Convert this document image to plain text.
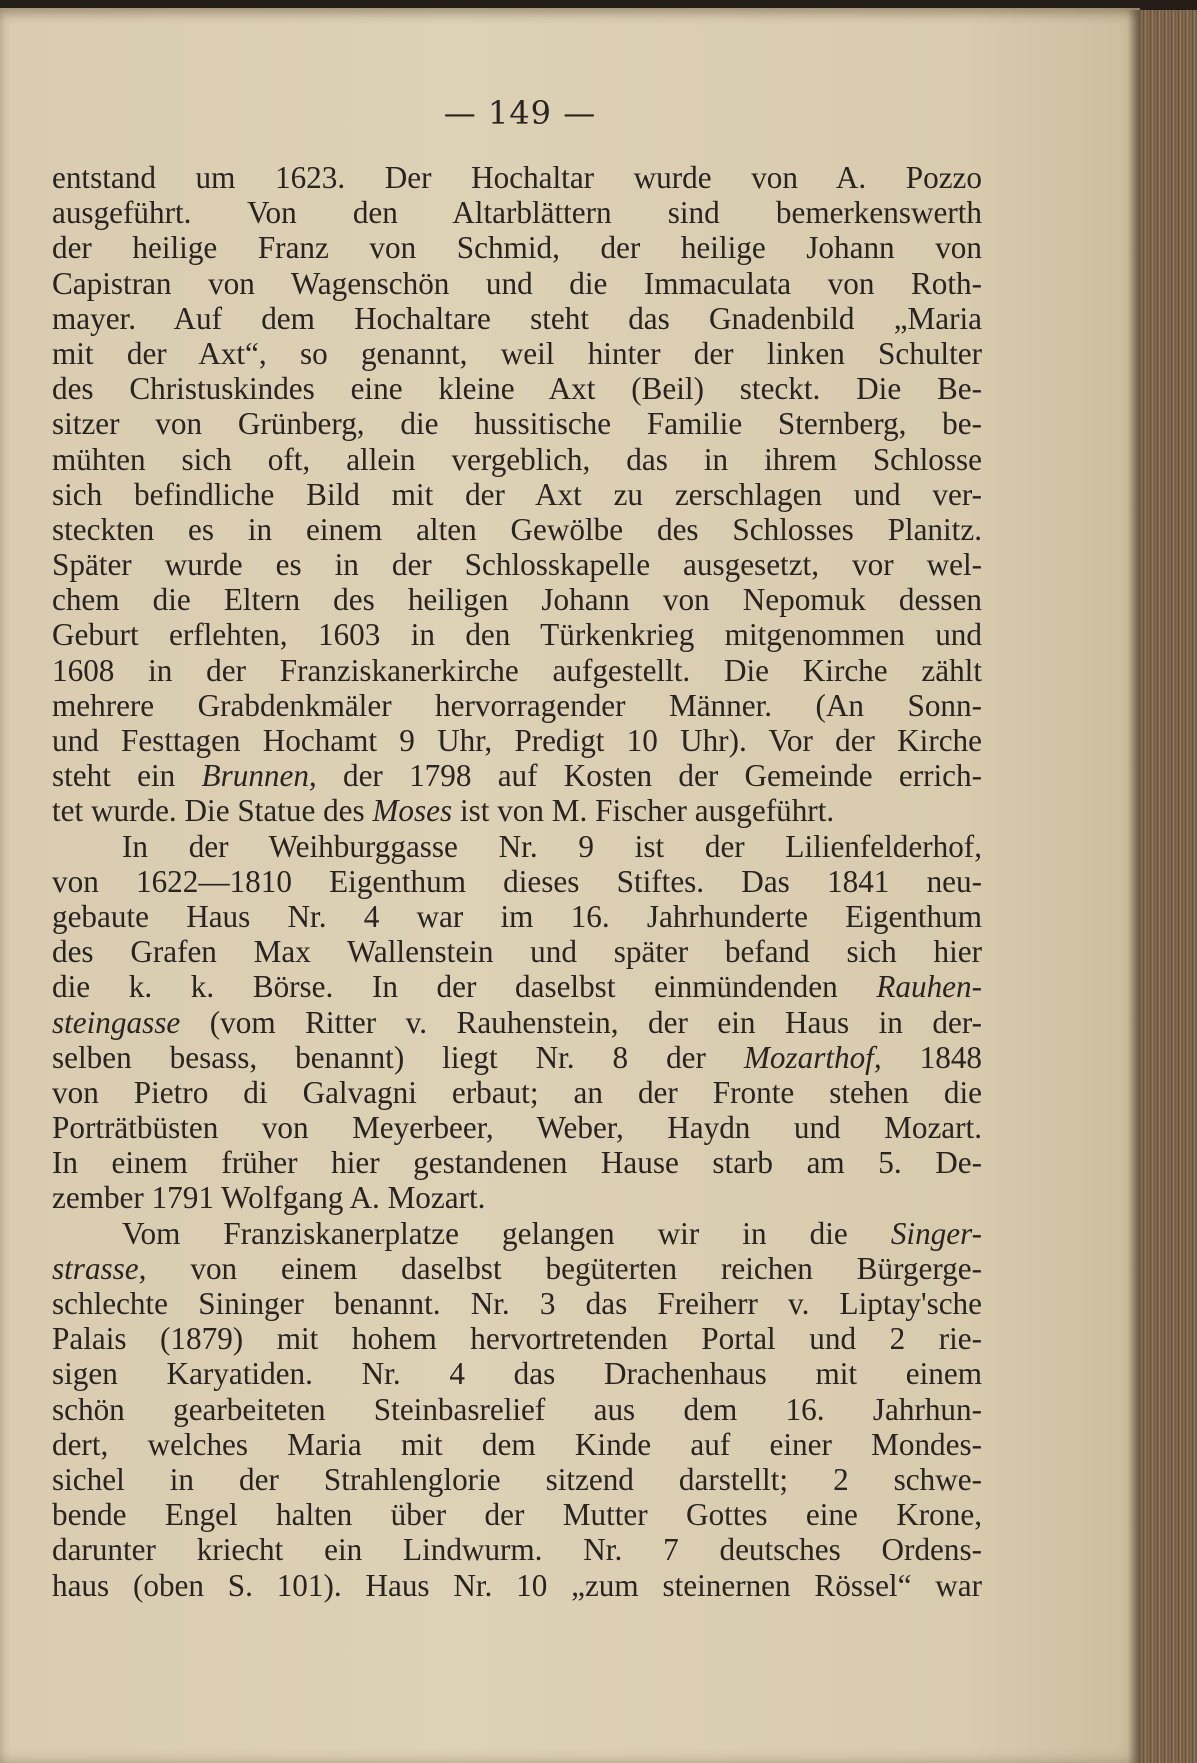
— 149 —
entstand um 1623. Der Hochaltar wurde von A. Pozzo
ausgeführt. Von den Altarblättern sind bemerkenswerth
der heilige Franz von Schmid, der heilige Johann von
Capistran von Wagenschön und die Immaculata von Roth-
mayer. Auf dem Hochaltare steht das Gnadenbild „Maria
mit der Axt“, so genannt, weil hinter der linken Schulter
des Christuskindes eine kleine Axt (Beil) steckt. Die Be-
sitzer von Grünberg, die hussitische Familie Sternberg, be-
mühten sich oft, allein vergeblich, das in ihrem Schlosse
sich befindliche Bild mit der Axt zu zerschlagen und ver-
steckten es in einem alten Gewölbe des Schlosses Planitz.
Später wurde es in der Schlosskapelle ausgesetzt, vor wel-
chem die Eltern des heiligen Johann von Nepomuk dessen
Geburt erflehten, 1603 in den Türkenkrieg mitgenommen und
1608 in der Franziskanerkirche aufgestellt. Die Kirche zählt
mehrere Grabdenkmäler hervorragender Männer. (An Sonn-
und Festtagen Hochamt 9 Uhr, Predigt 10 Uhr). Vor der Kirche
steht ein Brunnen, der 1798 auf Kosten der Gemeinde errich-
tet wurde. Die Statue des Moses ist von M. Fischer ausgeführt.
In der Weihburggasse Nr. 9 ist der Lilienfelderhof,
von 1622—1810 Eigenthum dieses Stiftes. Das 1841 neu-
gebaute Haus Nr. 4 war im 16. Jahrhunderte Eigenthum
des Grafen Max Wallenstein und später befand sich hier
die k. k. Börse. In der daselbst einmündenden Rauhen-
steingasse (vom Ritter v. Rauhenstein, der ein Haus in der-
selben besass, benannt) liegt Nr. 8 der Mozarthof, 1848
von Pietro di Galvagni erbaut; an der Fronte stehen die
Porträtbüsten von Meyerbeer, Weber, Haydn und Mozart.
In einem früher hier gestandenen Hause starb am 5. De-
zember 1791 Wolfgang A. Mozart.
Vom Franziskanerplatze gelangen wir in die Singer-
strasse, von einem daselbst begüterten reichen Bürgerge-
schlechte Sininger benannt. Nr. 3 das Freiherr v. Liptay'sche
Palais (1879) mit hohem hervortretenden Portal und 2 rie-
sigen Karyatiden. Nr. 4 das Drachenhaus mit einem
schön gearbeiteten Steinbasrelief aus dem 16. Jahrhun-
dert, welches Maria mit dem Kinde auf einer Mondes-
sichel in der Strahlenglorie sitzend darstellt; 2 schwe-
bende Engel halten über der Mutter Gottes eine Krone,
darunter kriecht ein Lindwurm. Nr. 7 deutsches Ordens-
haus (oben S. 101). Haus Nr. 10 „zum steinernen Rössel“ war
